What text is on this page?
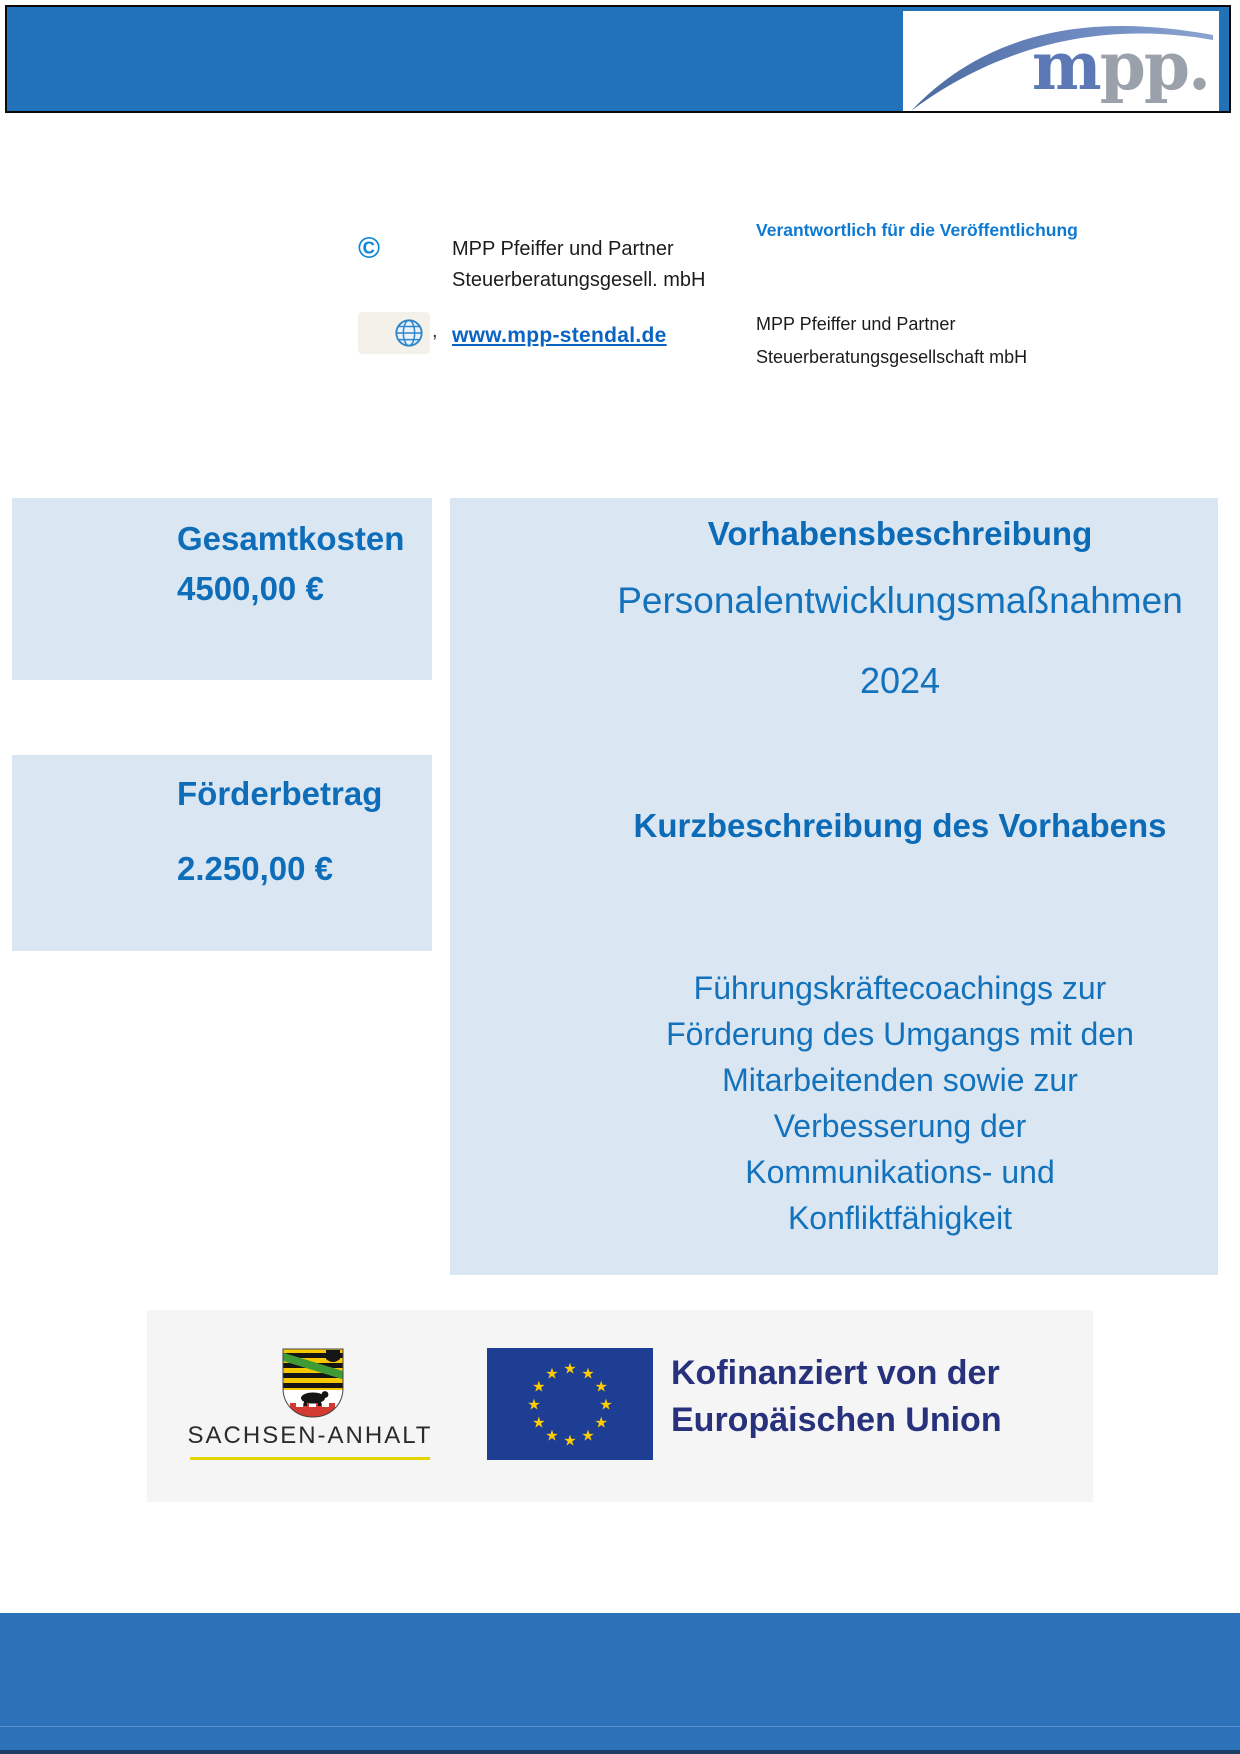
mpp.
©	MPP Pfeiffer und Partner
Steuerberatungsgesell. mbH
, www.mpp-stendal.de
Verantwortlich für die Veröffentlichung
MPP Pfeiffer und Partner
Steuerberatungsgesellschaft mbH
Gesamtkosten
4500,00 €
Förderbetrag
2.250,00 €
Vorhabensbeschreibung
Personalentwicklungsmaßnahmen
2024
Kurzbeschreibung des Vorhabens
Führungskräftecoachings zur
Förderung des Umgangs mit den
Mitarbeitenden sowie zur
Verbesserung der
Kommunikations- und
Konfliktfähigkeit
SACHSEN-ANHALT
★ ★
★
★
★
★
★
★
★
★
★
★	Kofinanziert von der
Europäischen Union
